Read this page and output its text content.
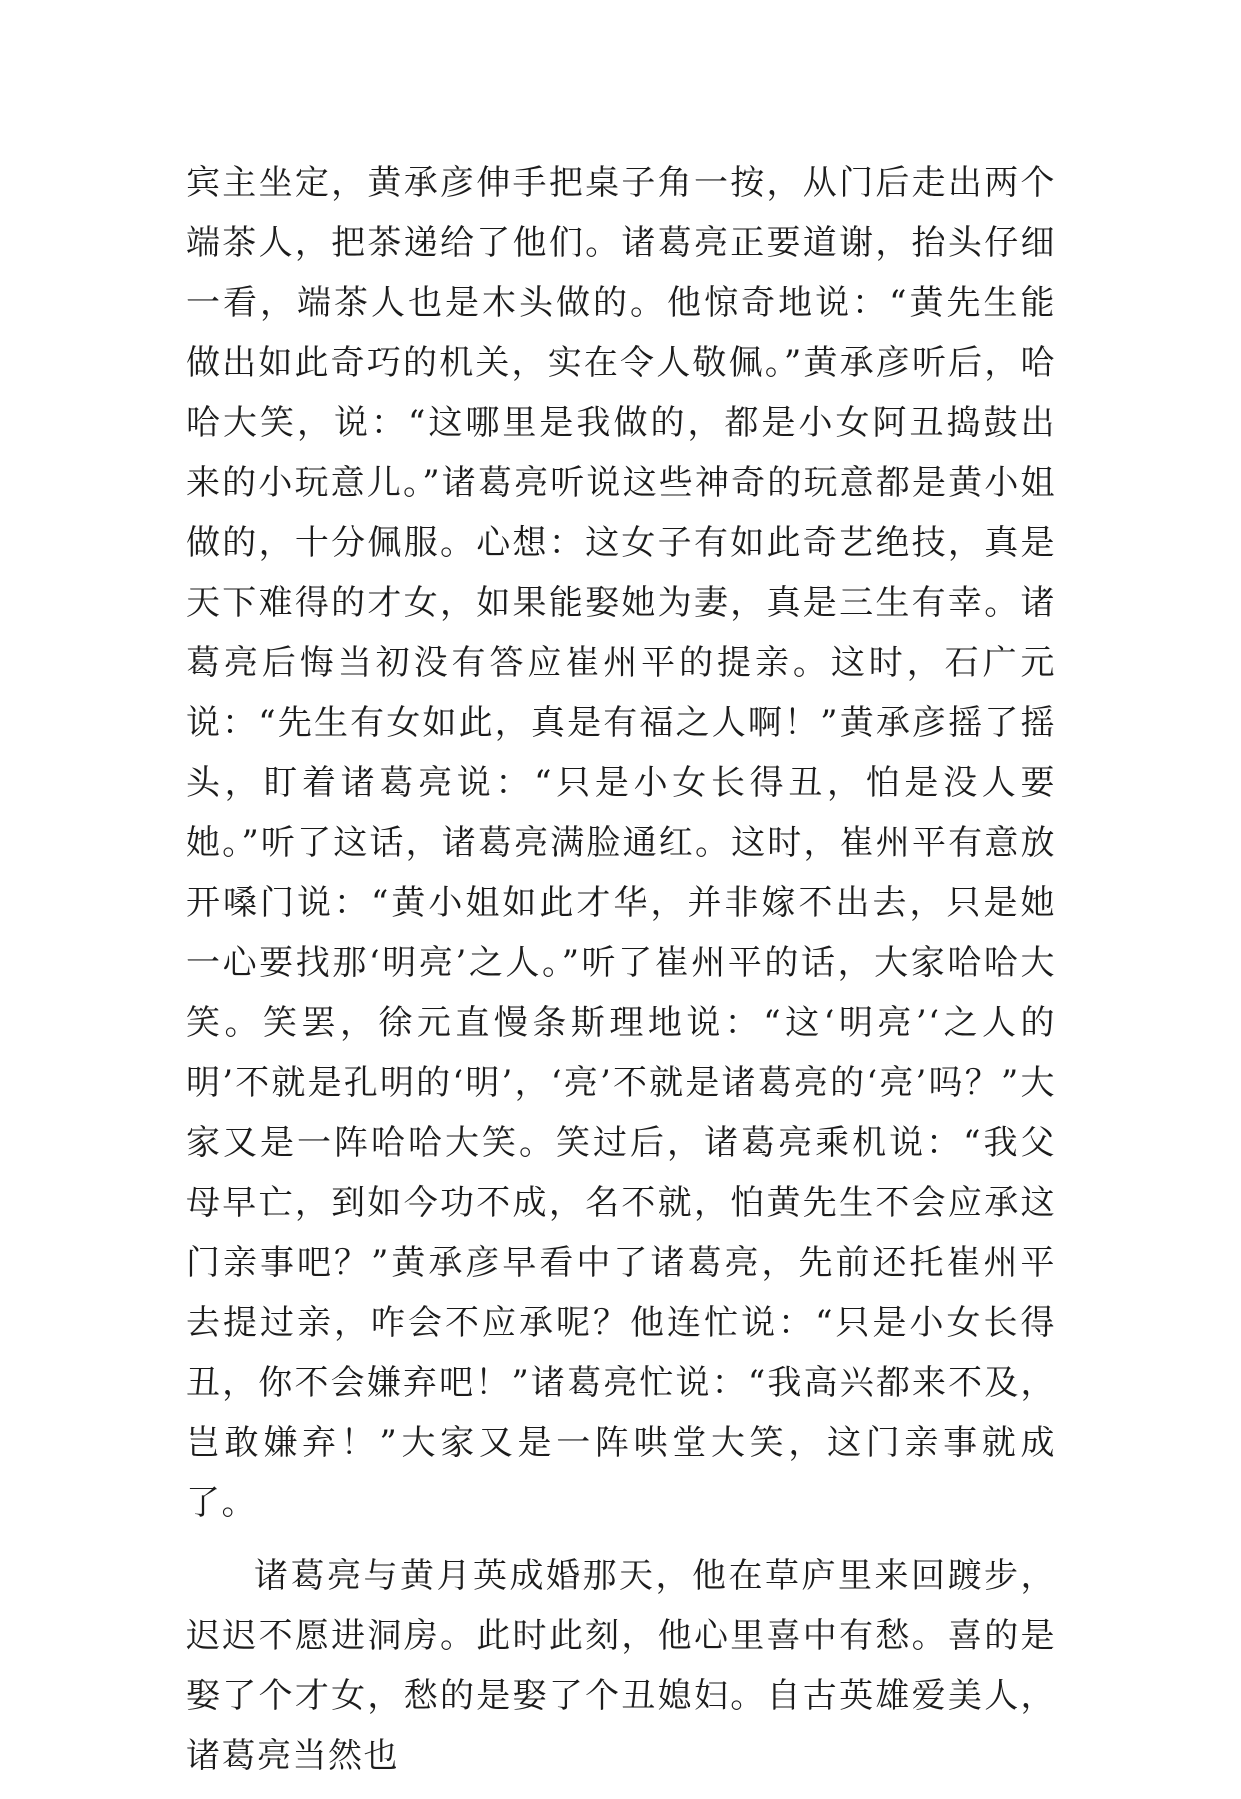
宾主坐定，黄承彦伸手把桌子角一按，从门后走出两个端茶人，把茶递给了他们。诸葛亮正要道谢，抬头仔细一看，端茶人也是木头做的。他惊奇地说：“黄先生能做出如此奇巧的机关，实在令人敬佩。”黄承彦听后，哈哈大笑，说：“这哪里是我做的，都是小女阿丑捣鼓出来的小玩意儿。”诸葛亮听说这些神奇的玩意都是黄小姐做的，十分佩服。心想：这女子有如此奇艺绝技，真是天下难得的才女，如果能娶她为妻，真是三生有幸。诸葛亮后悔当初没有答应崔州平的提亲。这时，石广元说：“先生有女如此，真是有福之人啊！”黄承彦摇了摇头，盯着诸葛亮说：“只是小女长得丑，怕是没人要她。”听了这话，诸葛亮满脸通红。这时，崔州平有意放开嗓门说：“黄小姐如此才华，并非嫁不出去，只是她一心要找那‘明亮’之人。”听了崔州平的话，大家哈哈大笑。笑罢，徐元直慢条斯理地说：“这‘明亮’‘之人的明’不就是孔明的‘明’，‘亮’不就是诸葛亮的‘亮’吗？”大家又是一阵哈哈大笑。笑过后，诸葛亮乘机说：“我父母早亡，到如今功不成，名不就，怕黄先生不会应承这门亲事吧？”黄承彦早看中了诸葛亮，先前还托崔州平去提过亲，咋会不应承呢？他连忙说：“只是小女长得丑，你不会嫌弃吧！”诸葛亮忙说：“我高兴都来不及，岂敢嫌弃！”大家又是一阵哄堂大笑，这门亲事就成了。

诸葛亮与黄月英成婚那天，他在草庐里来回踱步，迟迟不愿进洞房。此时此刻，他心里喜中有愁。喜的是娶了个才女，愁的是娶了个丑媳妇。自古英雄爱美人，诸葛亮当然也
